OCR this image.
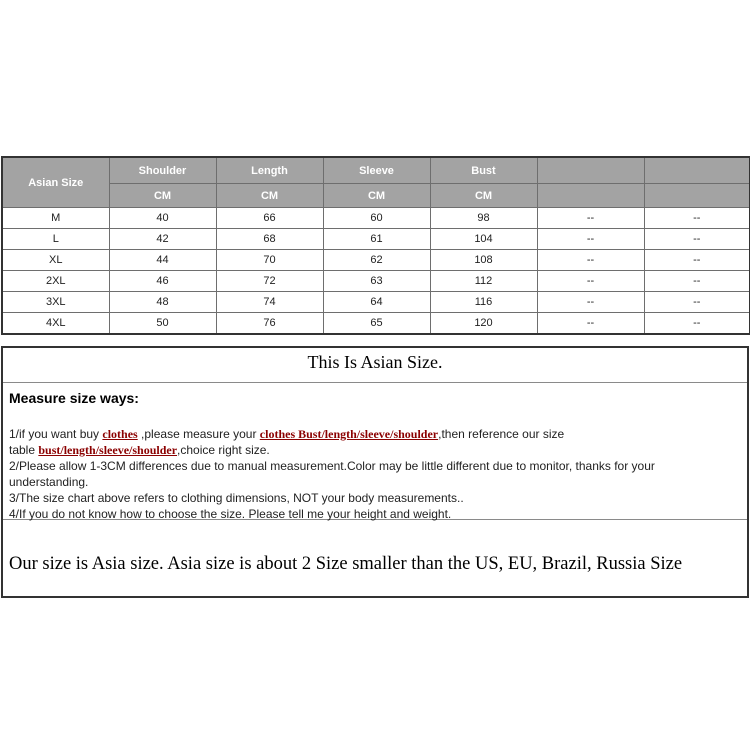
Asian Size	Shoulder	Length	Sleeve	Bust		
	CM	CM	CM	CM		
M	40	66	60	98	--	--
L	42	68	61	104	--	--
XL	44	70	62	108	--	--
2XL	46	72	63	112	--	--
3XL	48	74	64	116	--	--
4XL	50	76	65	120	--	--
This Is Asian Size.
Measure size ways:
1/if you want buy clothes ,please measure your clothes Bust/length/sleeve/shoulder,then reference our size
table bust/length/sleeve/shoulder,choice right size.
2/Please allow 1-3CM differences due to manual measurement.Color may be little different due to monitor, thanks for your understanding.
3/The size chart above refers to clothing dimensions, NOT your body measurements..
4/If you do not know how to choose the size. Please tell me your height and weight.
Our size is Asia size. Asia size is about 2 Size smaller than the US, EU, Brazil, Russia Size
